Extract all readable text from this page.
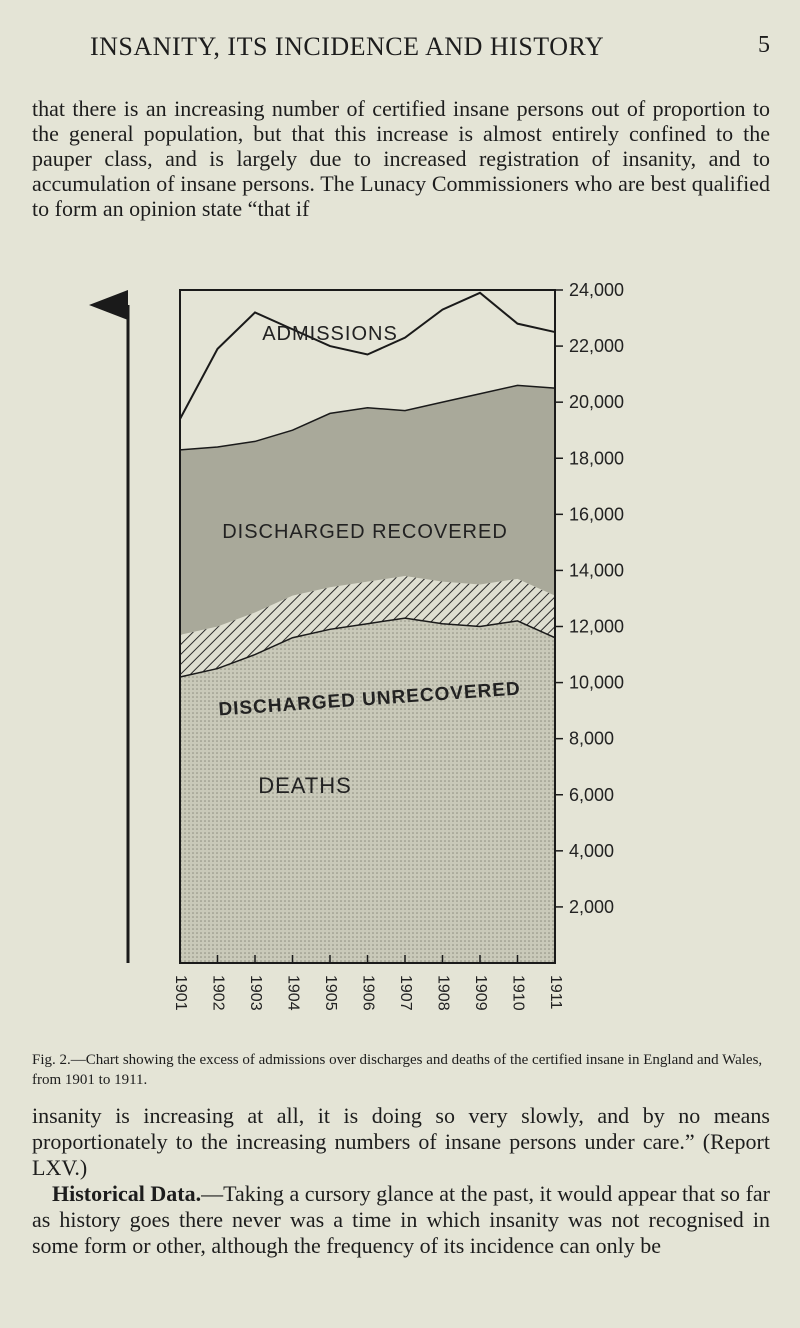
INSANITY, ITS INCIDENCE AND HISTORY	5

that there is an increasing number of certified insane persons out of proportion to the general population, but that this increase is almost entirely confined to the pauper class, and is largely due to increased registration of insanity, and to accumulation of insane persons. The Lunacy Commissioners who are best qualified to form an opinion state “that if

2,000
4,000
6,000
8,000
10,000
12,000
14,000
16,000
18,000
20,000
22,000
24,000
1901 1902 1903 1904 1905 1906 1907 1908 1909 1910 1911
ADMISSIONS
DISCHARGED RECOVERED
DISCHARGED UNRECOVERED
DEATHS

Fig. 2.—Chart showing the excess of admissions over discharges and deaths of the certified insane in England and Wales, from 1901 to 1911.

insanity is increasing at all, it is doing so very slowly, and by no means proportionately to the increasing numbers of insane persons under care.” (Report LXV.)

Historical Data.—Taking a cursory glance at the past, it would appear that so far as history goes there never was a time in which insanity was not recognised in some form or other, although the frequency of its incidence can only be
